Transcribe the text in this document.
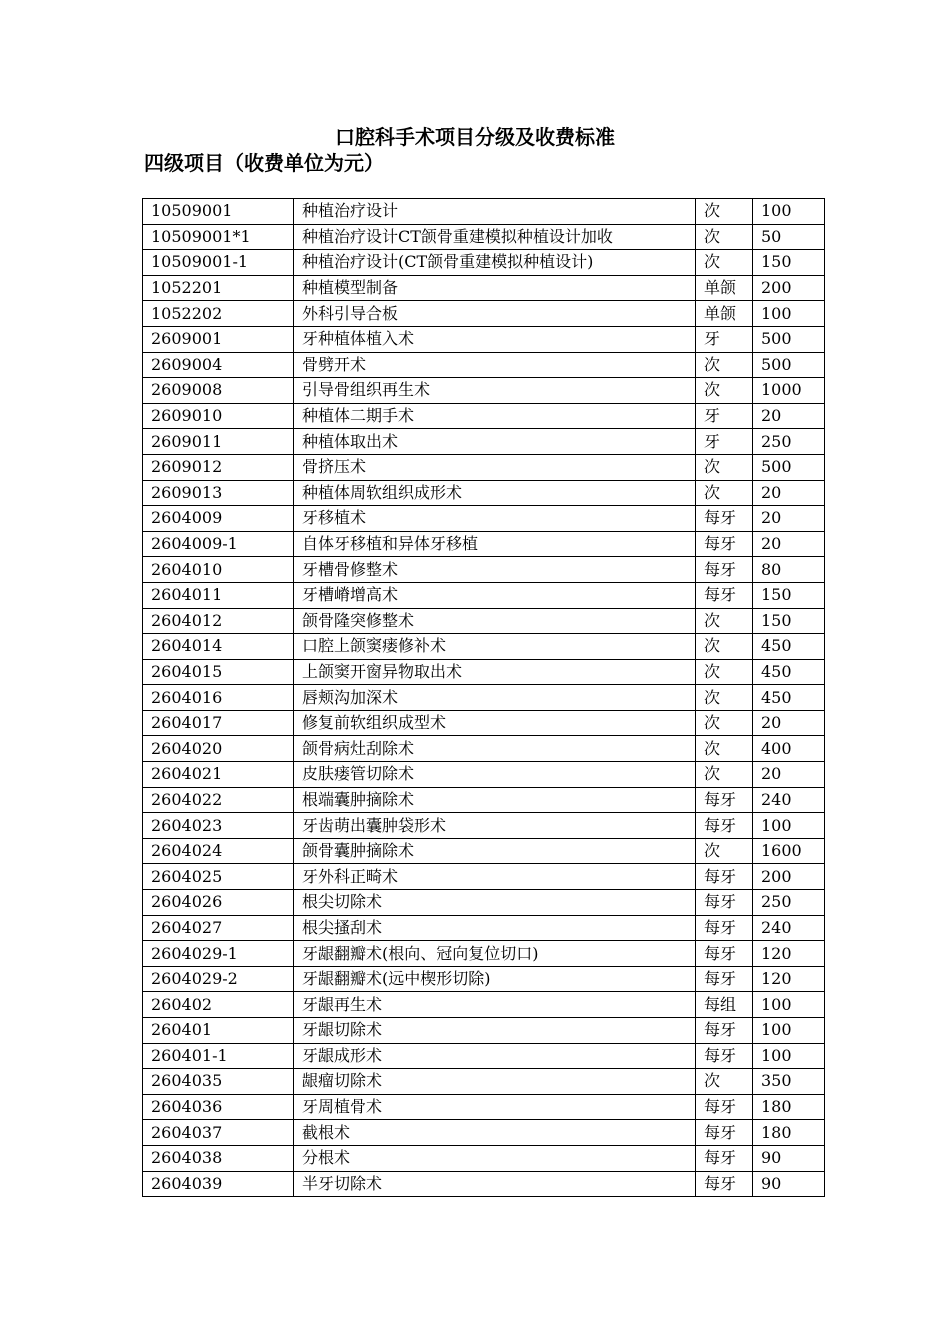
口腔科手术项目分级及收费标准
四级项目（收费单位为元）
10509001	种植治疗设计	次	100
10509001*1	种植治疗设计CT颌骨重建模拟种植设计加收	次	50
10509001-1	种植治疗设计(CT颌骨重建模拟种植设计)	次	150
1052201	种植模型制备	单颌	200
1052202	外科引导合板	单颌	100
2609001	牙种植体植入术	牙	500
2609004	骨劈开术	次	500
2609008	引导骨组织再生术	次	1000
2609010	种植体二期手术	牙	20
2609011	种植体取出术	牙	250
2609012	骨挤压术	次	500
2609013	种植体周软组织成形术	次	20
2604009	牙移植术	每牙	20
2604009-1	自体牙移植和异体牙移植	每牙	20
2604010	牙槽骨修整术	每牙	80
2604011	牙槽嵴增高术	每牙	150
2604012	颌骨隆突修整术	次	150
2604014	口腔上颌窦瘘修补术	次	450
2604015	上颌窦开窗异物取出术	次	450
2604016	唇颊沟加深术	次	450
2604017	修复前软组织成型术	次	20
2604020	颌骨病灶刮除术	次	400
2604021	皮肤瘘管切除术	次	20
2604022	根端囊肿摘除术	每牙	240
2604023	牙齿萌出囊肿袋形术	每牙	100
2604024	颌骨囊肿摘除术	次	1600
2604025	牙外科正畸术	每牙	200
2604026	根尖切除术	每牙	250
2604027	根尖搔刮术	每牙	240
2604029-1	牙龈翻瓣术(根向、冠向复位切口)	每牙	120
2604029-2	牙龈翻瓣术(远中楔形切除)	每牙	120
260402	牙龈再生术	每组	100
260401	牙龈切除术	每牙	100
260401-1	牙龈成形术	每牙	100
2604035	龈瘤切除术	次	350
2604036	牙周植骨术	每牙	180
2604037	截根术	每牙	180
2604038	分根术	每牙	90
2604039	半牙切除术	每牙	90
